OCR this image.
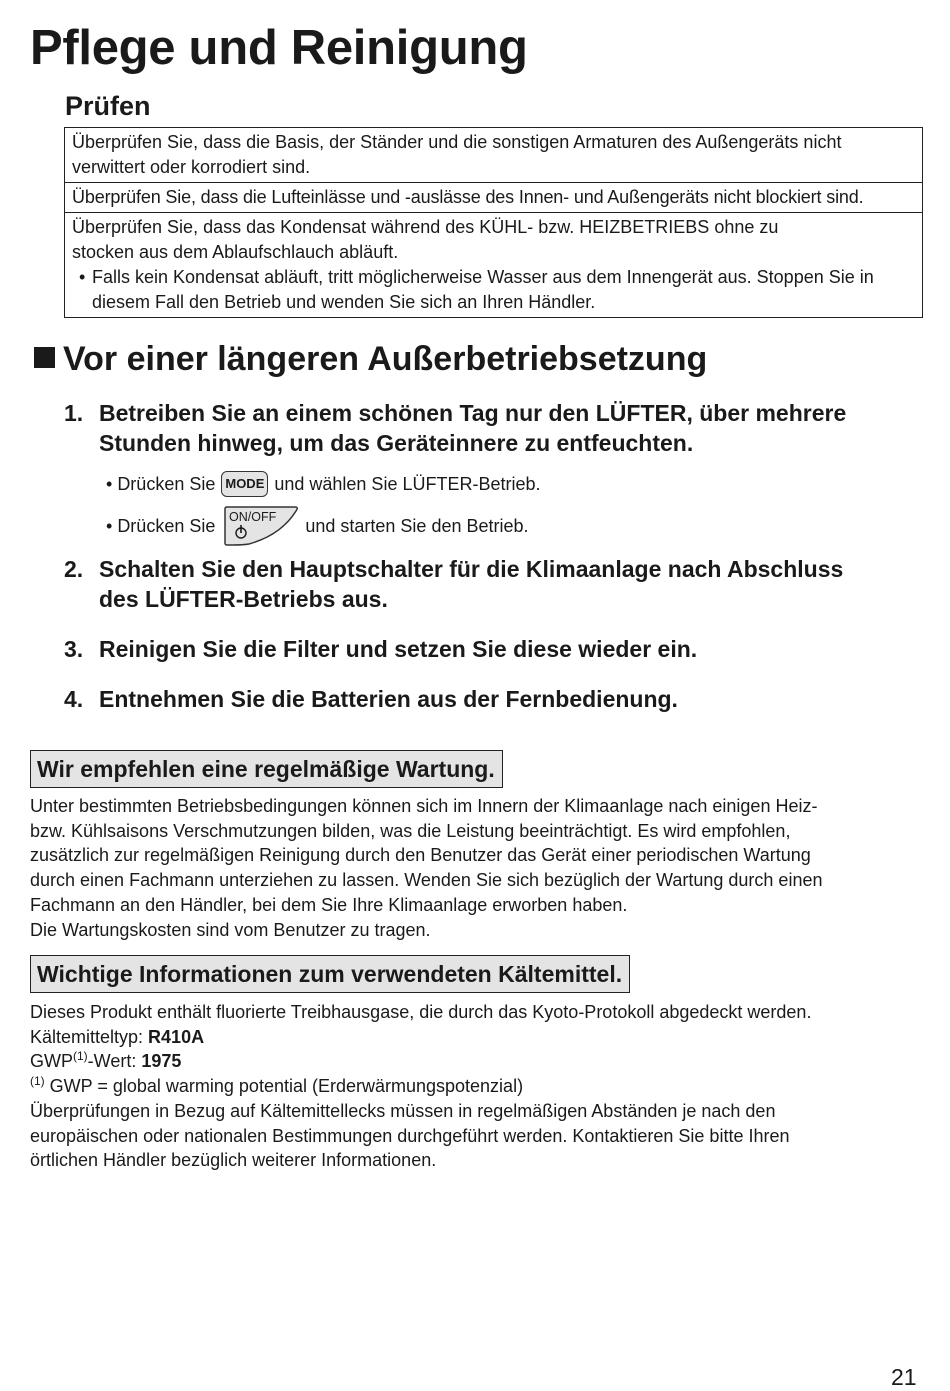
Pflege und Reinigung
Prüfen
Überprüfen Sie, dass die Basis, der Ständer und die sonstigen Armaturen des Außengeräts nicht
verwittert oder korrodiert sind.
Überprüfen Sie, dass die Lufteinlässe und -auslässe des Innen- und Außengeräts nicht blockiert sind.
Überprüfen Sie, dass das Kondensat während des KÜHL- bzw. HEIZBETRIEBS ohne zu
stocken aus dem Ablaufschlauch abläuft.
• Falls kein Kondensat abläuft, tritt möglicherweise Wasser aus dem Innengerät aus. Stoppen Sie in diesem Fall den Betrieb und wenden Sie sich an Ihren Händler.
Vor einer längeren Außerbetriebsetzung
1. Betreiben Sie an einem schönen Tag nur den LÜFTER, über mehrere
Stunden hinweg, um das Geräteinnere zu entfeuchten.
• Drücken Sie MODE und wählen Sie LÜFTER-Betrieb.
• Drücken Sie ON/OFF und starten Sie den Betrieb.
2. Schalten Sie den Hauptschalter für die Klimaanlage nach Abschluss
des LÜFTER-Betriebs aus.
3. Reinigen Sie die Filter und setzen Sie diese wieder ein.
4. Entnehmen Sie die Batterien aus der Fernbedienung.
Wir empfehlen eine regelmäßige Wartung.

Unter bestimmten Betriebsbedingungen können sich im Innern der Klimaanlage nach einigen Heiz-
bzw. Kühlsaisons Verschmutzungen bilden, was die Leistung beeinträchtigt. Es wird empfohlen,
zusätzlich zur regelmäßigen Reinigung durch den Benutzer das Gerät einer periodischen Wartung
durch einen Fachmann unterziehen zu lassen. Wenden Sie sich bezüglich der Wartung durch einen
Fachmann an den Händler, bei dem Sie Ihre Klimaanlage erworben haben.
Die Wartungskosten sind vom Benutzer zu tragen.

Wichtige Informationen zum verwendeten Kältemittel.

Dieses Produkt enthält fluorierte Treibhausgase, die durch das Kyoto-Protokoll abgedeckt werden.
Kältemitteltyp: R410A
GWP$^{(1)}$-Wert: 1975
$^{(1)}$ GWP = global warming potential (Erderwärmungspotenzial)
Überprüfungen in Bezug auf Kältemittellecks müssen in regelmäßigen Abständen je nach den
europäischen oder nationalen Bestimmungen durchgeführt werden. Kontaktieren Sie bitte Ihren
örtlichen Händler bezüglich weiterer Informationen.

21
